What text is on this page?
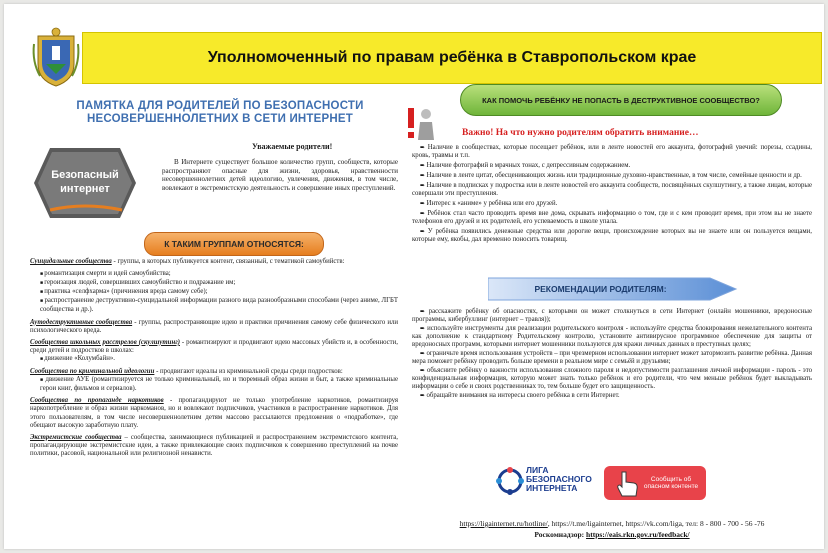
Уполномоченный по правам ребёнка в Ставропольском крае
ПАМЯТКА ДЛЯ РОДИТЕЛЕЙ ПО БЕЗОПАСНОСТИ НЕСОВЕРШЕННОЛЕТНИХ В СЕТИ ИНТЕРНЕТ
Безопасный
интернет
Уважаемые родители!
В Интернете существует большое количество групп, сообществ, которые распространяют опасные для жизни, здоровья, нравственности несовершеннолетних детей идеологию, увлечения, движения, в том числе, вовлекают в экстремистскую деятельность и совершение иных преступлений.
К ТАКИМ ГРУППАМ ОТНОСЯТСЯ:

Суицидальные сообщества - группы, в которых публикуется контент, связанный, с тематикой самоубийств:

■ романтизация смерти и идей самоубийства;

■ героизация людей, совершивших самоубийство и подражание им;

■ практика «селфхарма» (причинения вреда самому себе);

■ распространение деструктивно-суицидальной информации разного вида разнообразными способами (через аниме, ЛГБТ сообщества и др.).

Аутодеструктивные сообщества - группы, распространяющие идею и практики причинения самому себе физического или психологического вреда.

Сообщества школьных расстрелов (скулшутинг) - романтизируют и продвигают идею массовых убийств и, в особенности, среди детей и подростков в школах:

■ движение «Колумбайн».

Сообщества по криминальной идеологии - продвигают идеалы из криминальной среды среди подростков:

■ движение АУЕ (романтизируется не только криминальный, но и тюремный образ жизни и быт, а также криминальные герои книг, фильмов и сериалов).

Сообщества по пропаганде наркотиков - пропагандируют не только употребление наркотиков, романтизируя наркопотребление и образ жизни наркоманов, но и вовлекают подписчиков, участников в распространение наркотиков. Для этого пользователям, в том числе несовершеннолетним детям массово рассылаются предложения о «подработке», где обещают высокую заработную плату.

Экстремистские сообщества – сообщества, занимающиеся публикацией и распространением экстремистского контента, пропагандирующие экстремистские идеи, а также привлекающие своих подписчиков к совершению преступлений на почве политики, расовой, национальной или религиозной ненависти.

КАК ПОМОЧЬ РЕБЁНКУ НЕ ПОПАСТЬ В ДЕСТРУКТИВНОЕ СООБЩЕСТВО?
Важно! На что нужно родителям обратить внимание…

➨ Наличие в сообществах, которые посещает ребёнок, или в ленте новостей его аккаунта, фотографий увечий: порезы, ссадины, кровь, травмы и т.п.

➨ Наличие фотографий в мрачных тонах, с депрессивным содержанием.

➨ Наличие в ленте цитат, обесценивающих жизнь или традиционные духовно-нравственные, в том числе, семейные ценности и др.

➨ Наличие в подписках у подростка или в ленте новостей его аккаунта сообществ, посвящённых скулшутингу, а также лицам, которые совершали эти преступления.

➨ Интерес к «аниме» у ребёнка или его друзей.

➨ Ребёнок стал часто проводить время вне дома, скрывать информацию о том, где и с кем проводит время, при этом вы не знаете телефонов его друзей и их родителей, его успеваемость в школе упала.

➨ У ребёнка появились денежные средства или дорогие вещи, происхождение которых вы не знаете или он пользуется вещами, которые ему, якобы, дал временно поносить товарищ.

РЕКОМЕНДАЦИИ РОДИТЕЛЯМ:

➨ расскажите ребёнку об опасностях, с которыми он может столкнуться в сети Интернет (онлайн мошенники, вредоносные программы, кибербуллинг (интернет – травля));

➨ используйте инструменты для реализации родительского контроля - используйте средства блокирования нежелательного контента как дополнение к стандартному Родительскому контролю, установите антивирусное программное обеспечение для защиты от вредоносных программ, которыми интернет мошенники пользуются для кражи личных данных в преступных целях;

➨ ограничьте время использования устройств – при чрезмерном использовании интернет может затормозить развитие ребёнка. Данная мера поможет ребёнку проводить больше времени в реальном мире с семьёй и друзьями;

➨ объясните ребёнку о важности использования сложного пароля и недопустимости разглашения личной информации - пароль - это конфиденциальная информация, которую может знать только ребёнок и его родители, что чем меньше ребёнок будет выкладывать информации о себе и своих родственниках то, тем больше будет его защищенность.

➨ обращайте внимания на интересы своего ребёнка в сети Интернет.

ЛИГА БЕЗОПАСНОГО ИНТЕРНЕТА
Сообщить об опасном контенте
https://ligainternet.ru/hotline/, https://t.me/ligainternet, https://vk.com/liga, тел: 8 - 800 - 700 - 56 -76
Роскомнадзор: https://eais.rkn.gov.ru/feedback/
